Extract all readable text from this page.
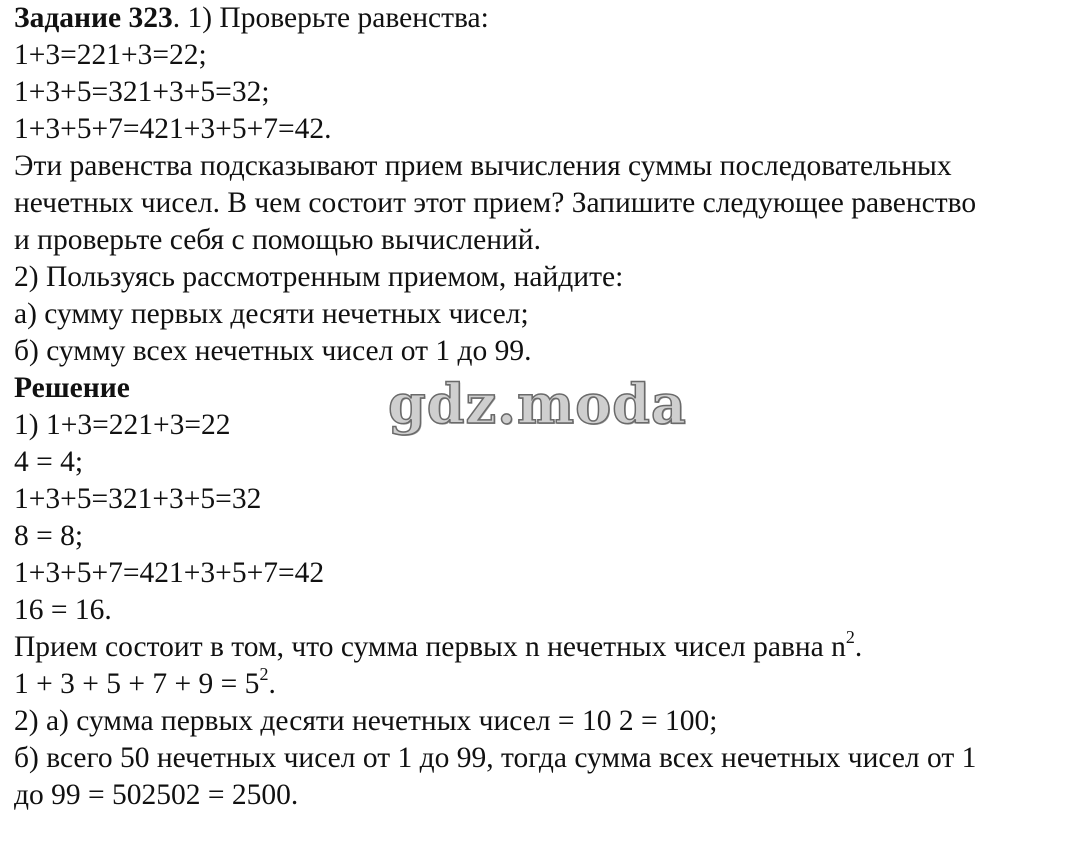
Задание 323. 1) Проверьте равенства:
1+3=221+3=22;
1+3+5=321+3+5=32;
1+3+5+7=421+3+5+7=42.
Эти равенства подсказывают прием вычисления суммы последовательных
нечетных чисел. В чем состоит этот прием? Запишите следующее равенство
и проверьте себя с помощью вычислений.
2) Пользуясь рассмотренным приемом, найдите:
а) сумму первых десяти нечетных чисел;
б) сумму всех нечетных чисел от 1 до 99.
Решение
1) 1+3=221+3=22
4 = 4;
1+3+5=321+3+5=32
8 = 8;
1+3+5+7=421+3+5+7=42
16 = 16.
Прием состоит в том, что сумма первых n нечетных чисел равна $n^2$.
$1 + 3 + 5 + 7 + 9 = 5^2$.
2) а) сумма первых десяти нечетных чисел = 10 2 = 100;
б) всего 50 нечетных чисел от 1 до 99, тогда сумма всех нечетных чисел от 1
до 99 = 502502 = 2500.
gdz.moda
